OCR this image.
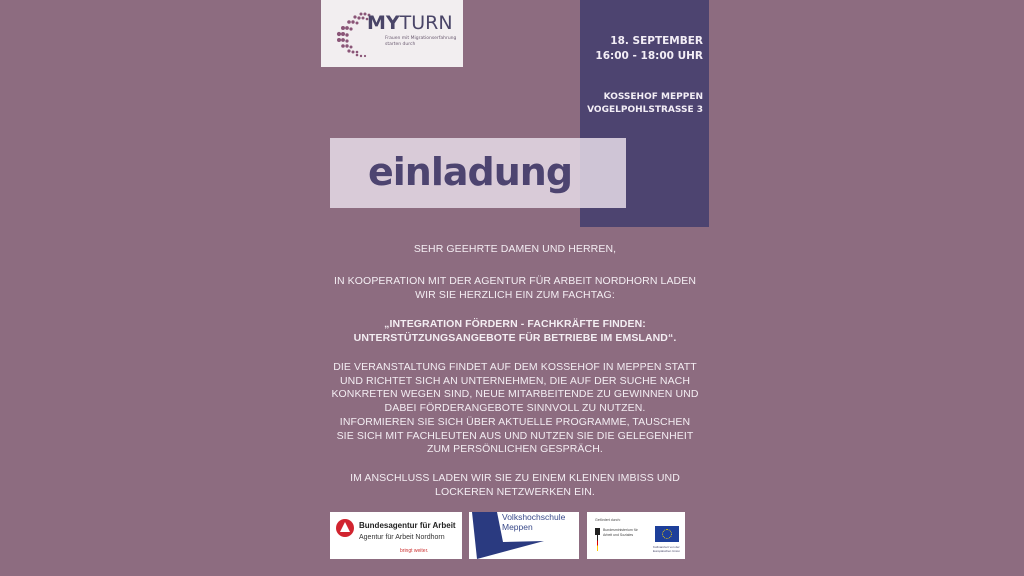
MYTURN
Frauen mit Migrationserfahrung starten durch	18. SEPTEMBER
16:00 - 18:00 UHR
KOSSEHOF MEPPEN
VOGELPOHLSTRASSE 3
einladung
SEHR GEEHRTE DAMEN UND HERREN,
IN KOOPERATION MIT DER AGENTUR FÜR ARBEIT NORDHORN LADEN
WIR SIE HERZLICH EIN ZUM FACHTAG:
„INTEGRATION FÖRDERN - FACHKRÄFTE FINDEN:
UNTERSTÜTZUNGSANGEBOTE FÜR BETRIEBE IM EMSLAND“.
DIE VERANSTALTUNG FINDET AUF DEM KOSSEHOF IN MEPPEN STATT
UND RICHTET SICH AN UNTERNEHMEN, DIE AUF DER SUCHE NACH
KONKRETEN WEGEN SIND, NEUE MITARBEITENDE ZU GEWINNEN UND
DABEI FÖRDERANGEBOTE SINNVOLL ZU NUTZEN.
INFORMIEREN SIE SICH ÜBER AKTUELLE PROGRAMME, TAUSCHEN
SIE SICH MIT FACHLEUTEN AUS UND NUTZEN SIE DIE GELEGENHEIT
ZUM PERSÖNLICHEN GESPRÄCH.
IM ANSCHLUSS LADEN WIR SIE ZU EINEM KLEINEN IMBISS UND
LOCKEREN NETZWERKEN EIN.
Bundesagentur für Arbeit
Agentur für Arbeit Nordhorn
bringt weiter.
Volkshochschule
Meppen
Gefördert durch:
Bundesministerium für Arbeit und Soziales
Kofinanziert von der Europäischen Union
